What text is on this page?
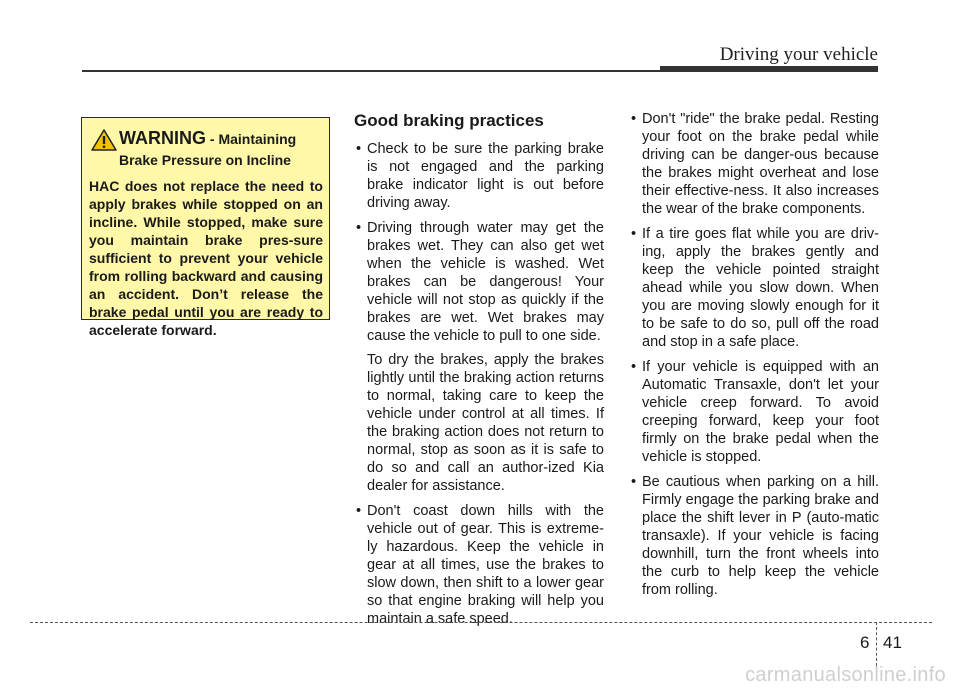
Driving your vehicle
WARNING - Maintaining
Brake Pressure on Incline
HAC does not replace the need to apply brakes while stopped on an incline. While stopped, make sure you maintain brake pres-sure sufficient to prevent your vehicle from rolling backward and causing an accident. Don’t release the brake pedal until you are ready to accelerate forward.
Good braking practices
• Check to be sure the parking brake is not engaged and the parking brake indicator light is out before driving away.
• Driving through water may get the brakes wet. They can also get wet when the vehicle is washed. Wet brakes can be dangerous! Your vehicle will not stop as quickly if the brakes are wet. Wet brakes may cause the vehicle to pull to one side.
To dry the brakes, apply the brakes lightly until the braking action returns to normal, taking care to keep the vehicle under control at all times. If the braking action does not return to normal, stop as soon as it is safe to do so and call an author-ized Kia dealer for assistance.
• Don't coast down hills with the vehicle out of gear. This is extreme-ly hazardous. Keep the vehicle in gear at all times, use the brakes to slow down, then shift to a lower gear so that engine braking will help you maintain a safe speed.
• Don't "ride" the brake pedal. Resting your foot on the brake pedal while driving can be danger-ous because the brakes might overheat and lose their effective-ness. It also increases the wear of the brake components.
• If a tire goes flat while you are driv-ing, apply the brakes gently and keep the vehicle pointed straight ahead while you slow down. When you are moving slowly enough for it to be safe to do so, pull off the road and stop in a safe place.
• If your vehicle is equipped with an Automatic Transaxle, don't let your vehicle creep forward. To avoid creeping forward, keep your foot firmly on the brake pedal when the vehicle is stopped.
• Be cautious when parking on a hill. Firmly engage the parking brake and place the shift lever in P (auto-matic transaxle). If your vehicle is facing downhill, turn the front wheels into the curb to help keep the vehicle from rolling.
6 41
carmanualsonline.info
